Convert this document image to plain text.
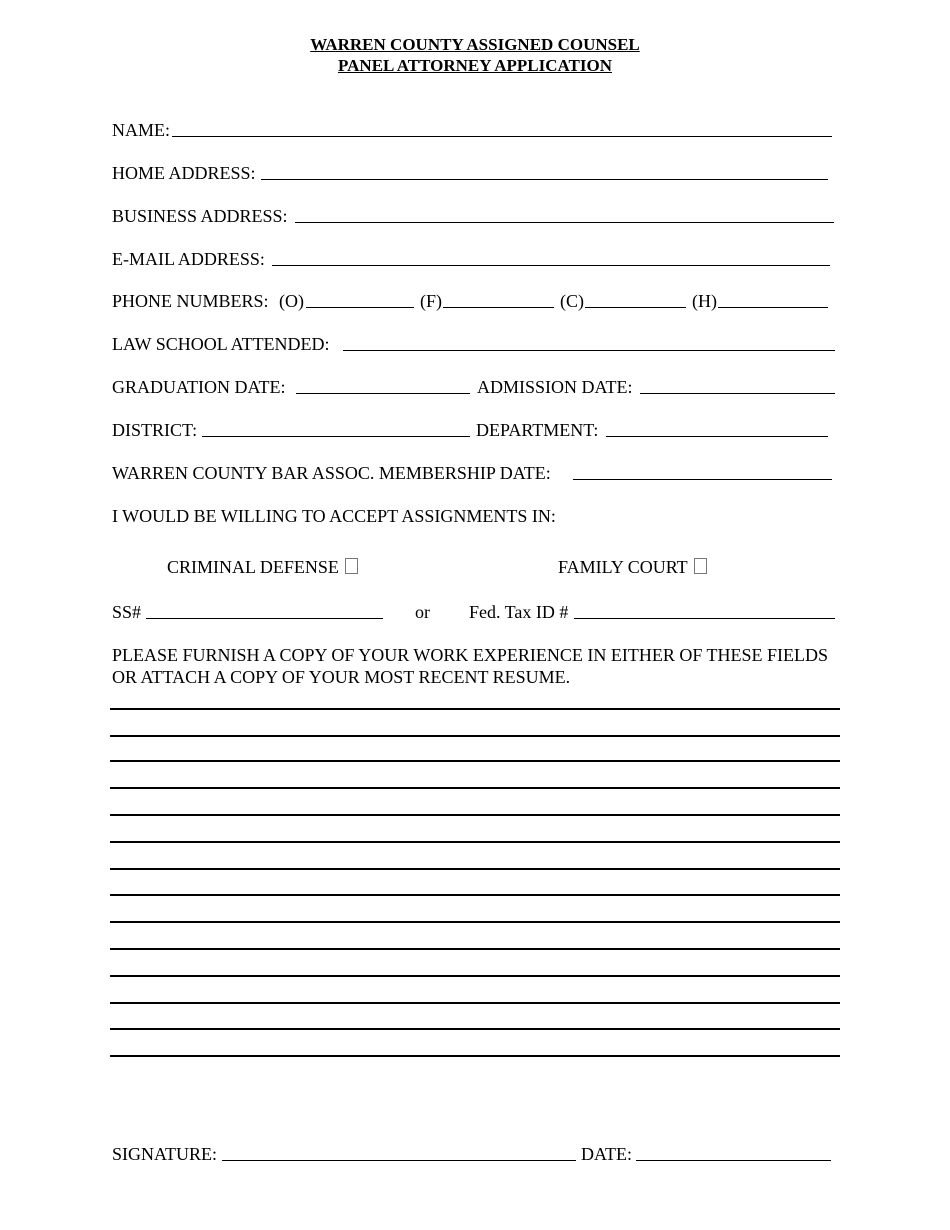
WARREN COUNTY ASSIGNED COUNSEL
PANEL ATTORNEY APPLICATION
NAME:
HOME ADDRESS:
BUSINESS ADDRESS:
E-MAIL ADDRESS:
PHONE NUMBERS: (O)	(F)	(C)	(H)
LAW SCHOOL ATTENDED:
GRADUATION DATE:	ADMISSION DATE:
DISTRICT:	DEPARTMENT:
WARREN COUNTY BAR ASSOC. MEMBERSHIP DATE:
I WOULD BE WILLING TO ACCEPT ASSIGNMENTS IN:
CRIMINAL DEFENSE	FAMILY COURT
SS#	or Fed. Tax ID #
PLEASE FURNISH A COPY OF YOUR WORK EXPERIENCE IN EITHER OF THESE FIELDS OR ATTACH A COPY OF YOUR MOST RECENT RESUME.
SIGNATURE:	DATE:
